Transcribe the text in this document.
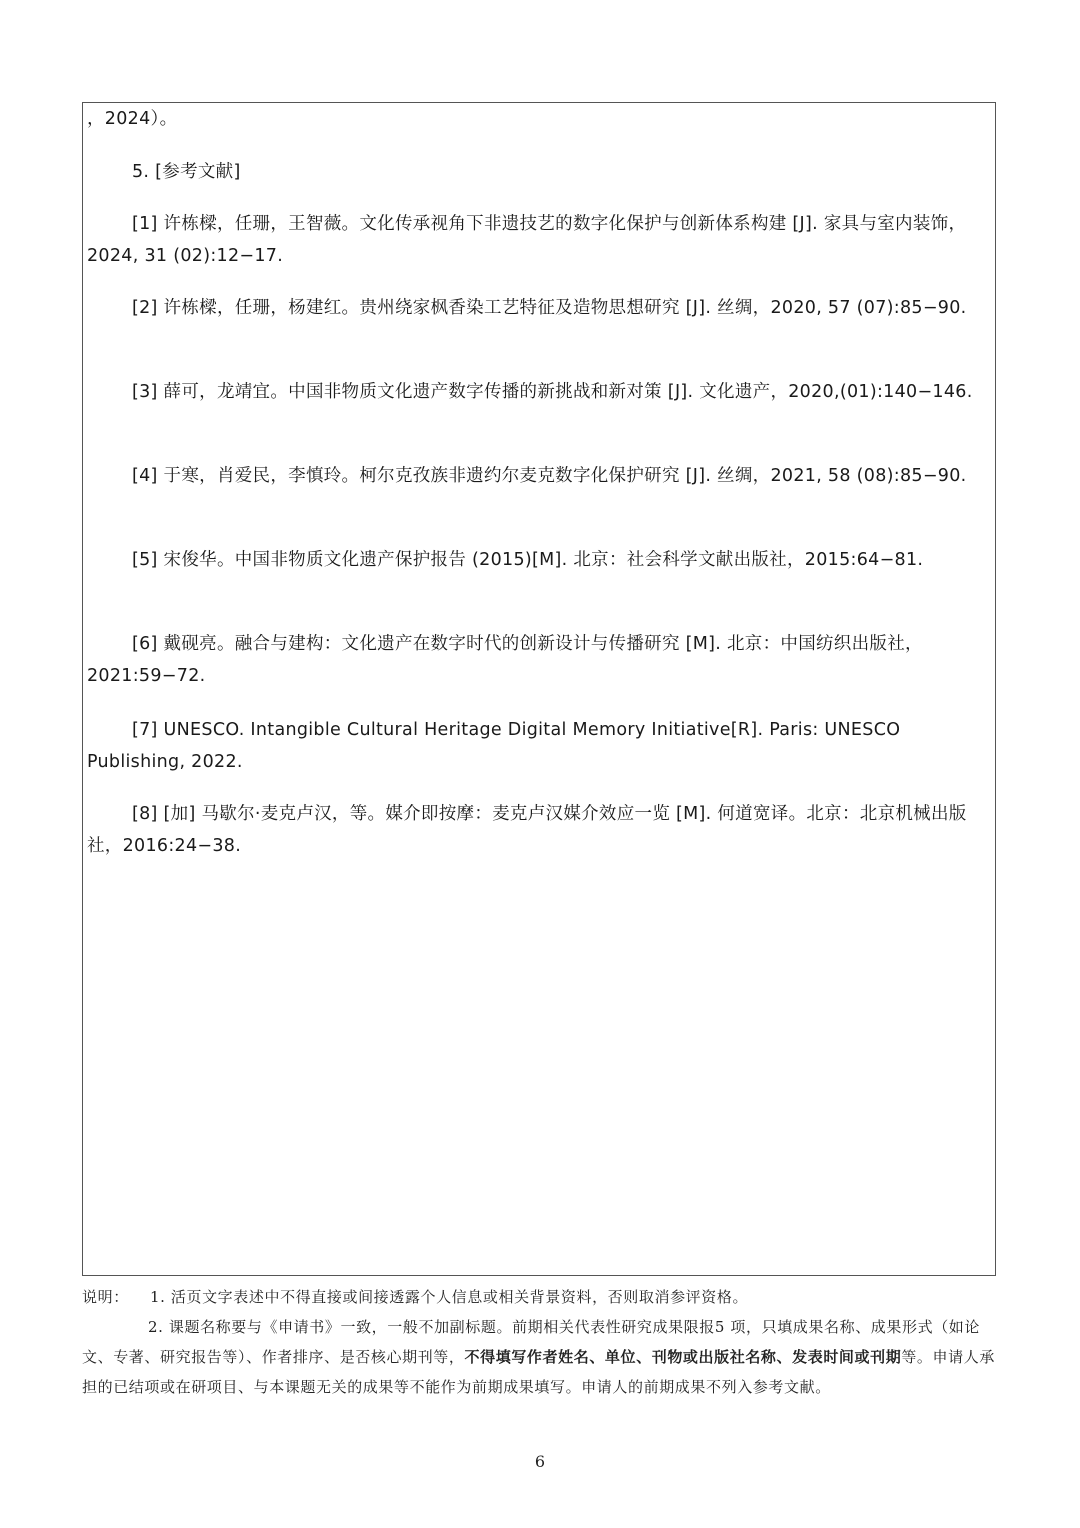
，2024）。
5. [参考文献]
[1] 许栋樑，任珊，王智薇。文化传承视角下非遗技艺的数字化保护与创新体系构建 [J]. 家具与室内装饰，2024, 31 (02):12−17.
[2] 许栋樑，任珊，杨建红。贵州绕家枫香染工艺特征及造物思想研究 [J]. 丝绸，2020, 57 (07):85−90.
[3] 薛可，龙靖宜。中国非物质文化遗产数字传播的新挑战和新对策 [J]. 文化遗产，2020,(01):140−146.
[4] 于寒，肖爱民，李慎玲。柯尔克孜族非遗约尔麦克数字化保护研究 [J]. 丝绸，2021, 58 (08):85−90.
[5] 宋俊华。中国非物质文化遗产保护报告 (2015)[M]. 北京：社会科学文献出版社，2015:64−81.
[6] 戴砚亮。融合与建构：文化遗产在数字时代的创新设计与传播研究 [M]. 北京：中国纺织出版社，2021:59−72.
[7] UNESCO. Intangible Cultural Heritage Digital Memory Initiative[R]. Paris: UNESCO Publishing, 2022.
[8] [加] 马歇尔·麦克卢汉，等。媒介即按摩：麦克卢汉媒介效应一览 [M]. 何道宽译。北京：北京机械出版社，2016:24−38.
说明： 1. 活页文字表述中不得直接或间接透露个人信息或相关背景资料，否则取消参评资格。
2. 课题名称要与《申请书》一致，一般不加副标题。前期相关代表性研究成果限报5 项，只填成果名称、成果形式（如论文、专著、研究报告等）、作者排序、是否核心期刊等，不得填写作者姓名、单位、刊物或出版社名称、发表时间或刊期等。申请人承担的已结项或在研项目、与本课题无关的成果等不能作为前期成果填写。申请人的前期成果不列入参考文献。
6
